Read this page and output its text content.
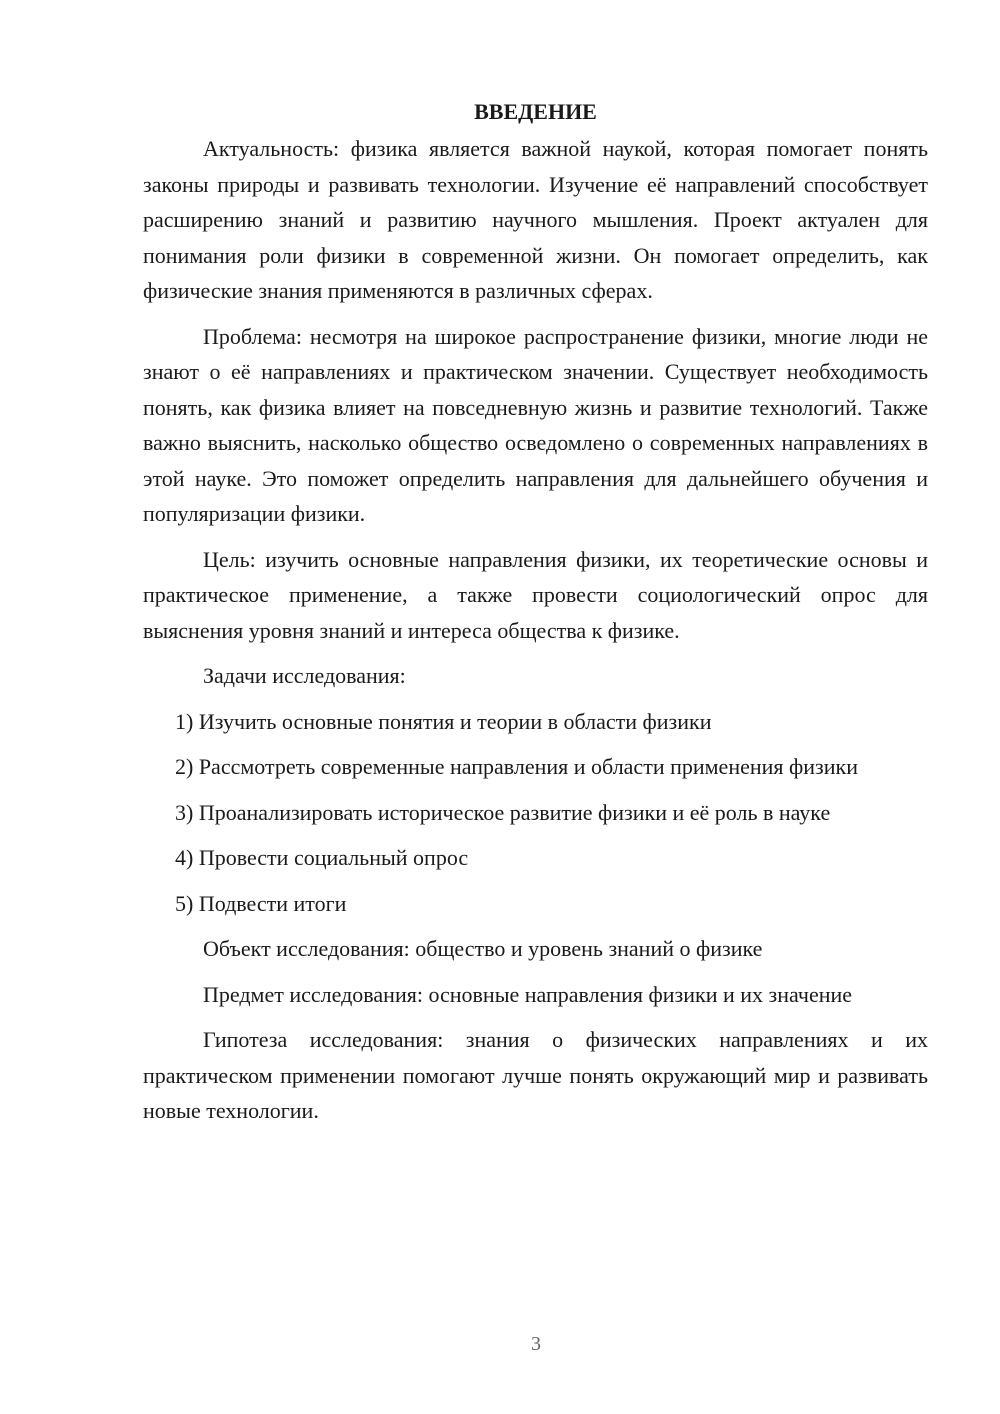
ВВЕДЕНИЕ

Актуальность: физика является важной наукой, которая помогает понять законы природы и развивать технологии. Изучение её направлений способствует расширению знаний и развитию научного мышления. Проект актуален для понимания роли физики в современной жизни. Он помогает определить, как физические знания применяются в различных сферах.

Проблема: несмотря на широкое распространение физики, многие люди не знают о её направлениях и практическом значении. Существует необходимость понять, как физика влияет на повседневную жизнь и развитие технологий. Также важно выяснить, насколько общество осведомлено о современных направлениях в этой науке. Это поможет определить направления для дальнейшего обучения и популяризации физики.

Цель: изучить основные направления физики, их теоретические основы и практическое применение, а также провести социологический опрос для выяснения уровня знаний и интереса общества к физике.

Задачи исследования:

1) Изучить основные понятия и теории в области физики

2) Рассмотреть современные направления и области применения физики

3) Проанализировать историческое развитие физики и её роль в науке

4) Провести социальный опрос

5) Подвести итоги

Объект исследования: общество и уровень знаний о физике

Предмет исследования: основные направления физики и их значение

Гипотеза исследования: знания о физических направлениях и их практическом применении помогают лучше понять окружающий мир и развивать новые технологии.

3
